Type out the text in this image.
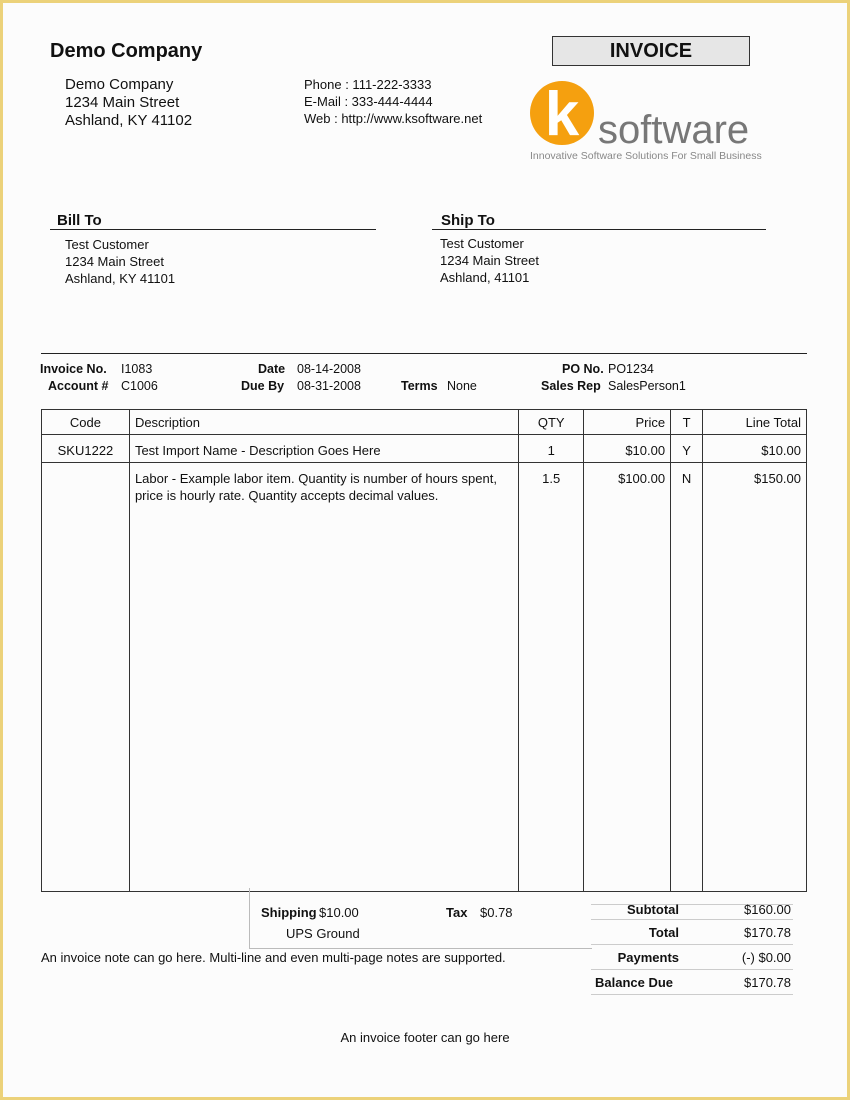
Demo Company
Demo Company
1234 Main Street
Ashland, KY 41102
Phone : 111-222-3333
E-Mail : 333-444-4444
Web : http://www.ksoftware.net
INVOICE
k software
Innovative Software Solutions For Small Business
Bill To
Test Customer
1234 Main Street
Ashland, KY 41101
Ship To
Test Customer
1234 Main Street
Ashland, 41101
Invoice No. I1083
Account # C1006
Date 08-14-2008
Due By 08-31-2008	Terms None
PO No. PO1234
Sales Rep SalesPerson1
Code	Description	QTY	Price	T	Line Total
SKU1222	Test Import Name - Description Goes Here	1	$10.00	Y	$10.00
	Labor - Example labor item. Quantity is number of hours spent, price is hourly rate. Quantity accepts decimal values.	1.5	$100.00	N	$150.00
Shipping $10.00
UPS Ground
Tax $0.78	Subtotal	$160.00
Total	$170.78
Payments	(-) $0.00
Balance Due	$170.78
An invoice note can go here. Multi-line and even multi-page notes are supported.
An invoice footer can go here
